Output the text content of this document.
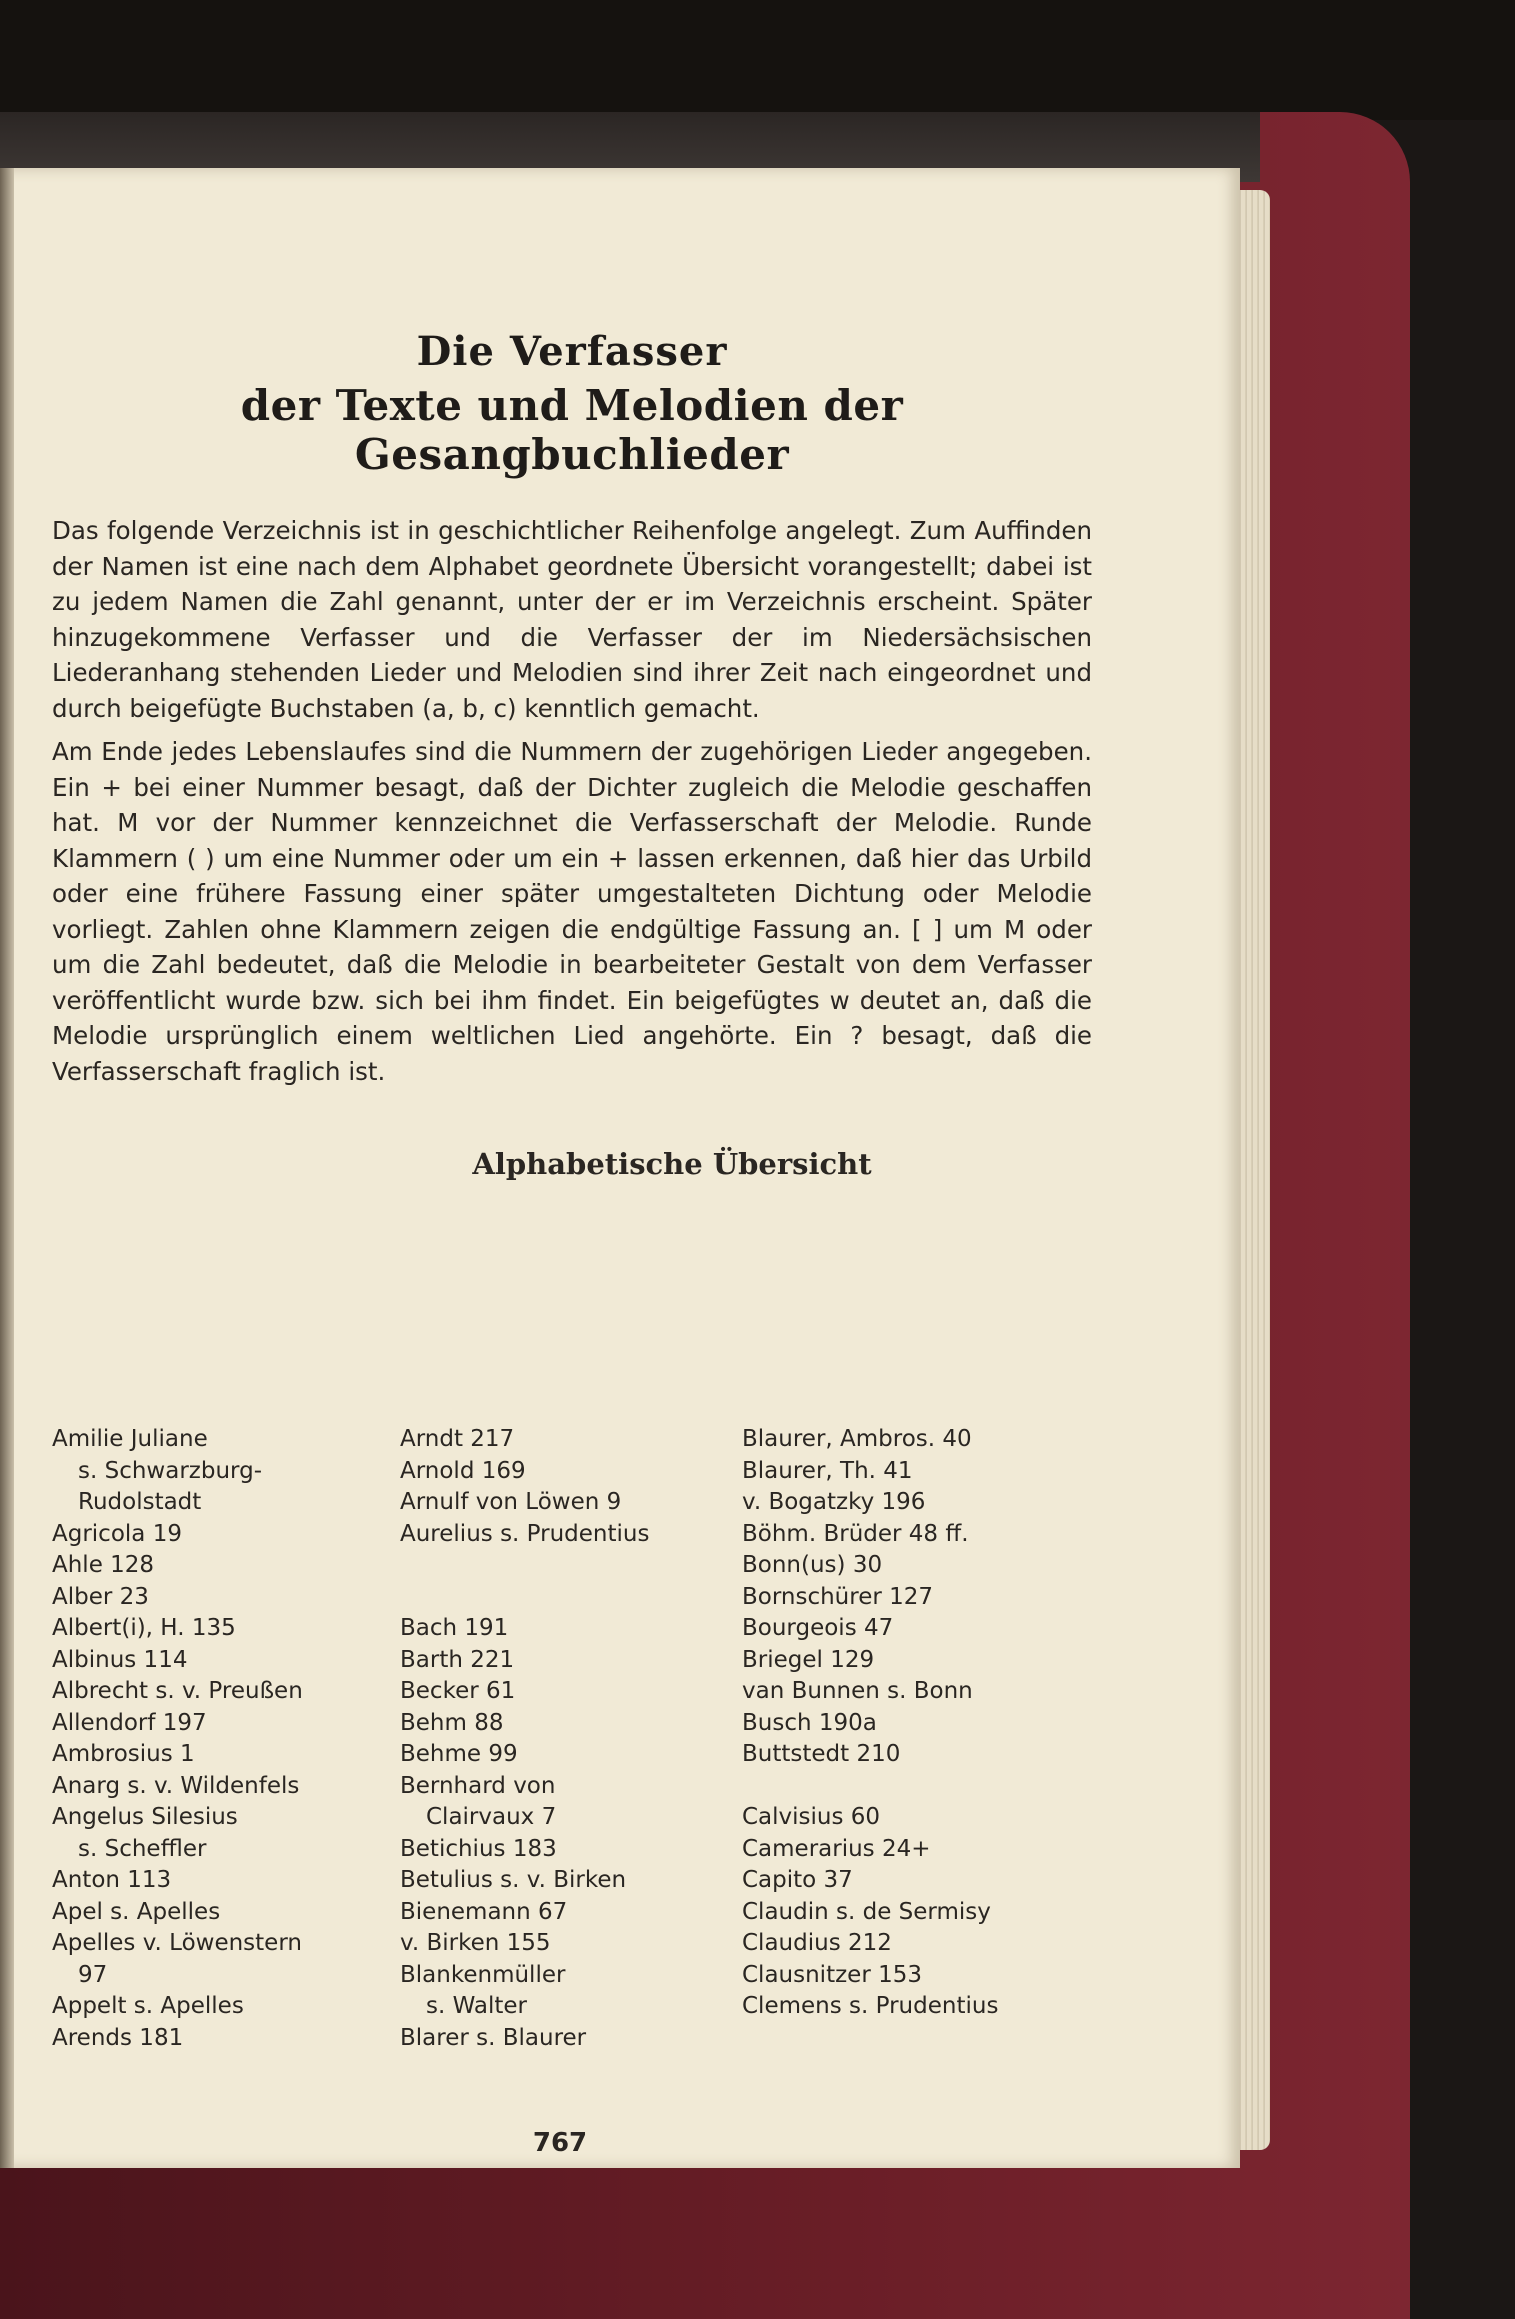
Die Verfasser
der Texte und Melodien der Gesangbuchlieder

Das folgende Verzeichnis ist in geschichtlicher Reihenfolge angelegt. Zum Auffinden der Namen ist eine nach dem Alphabet geordnete Übersicht vorangestellt; dabei ist zu jedem Namen die Zahl genannt, unter der er im Verzeichnis erscheint. Später hinzugekommene Verfasser und die Verfasser der im Niedersächsischen Liederanhang stehenden Lieder und Melodien sind ihrer Zeit nach eingeordnet und durch beigefügte Buchstaben (a, b, c) kenntlich gemacht.

Am Ende jedes Lebenslaufes sind die Nummern der zugehörigen Lieder angegeben. Ein + bei einer Nummer besagt, daß der Dichter zugleich die Melodie geschaffen hat. M vor der Nummer kennzeichnet die Verfasserschaft der Melodie. Runde Klammern ( ) um eine Nummer oder um ein + lassen erkennen, daß hier das Urbild oder eine frühere Fassung einer später umgestalteten Dichtung oder Melodie vorliegt. Zahlen ohne Klammern zeigen die endgültige Fassung an. [ ] um M oder um die Zahl bedeutet, daß die Melodie in bearbeiteter Gestalt von dem Verfasser veröffentlicht wurde bzw. sich bei ihm findet. Ein beigefügtes w deutet an, daß die Melodie ursprünglich einem weltlichen Lied angehörte. Ein ? besagt, daß die Verfasserschaft fraglich ist.

Alphabetische Übersicht
Amilie Juliane
s. Schwarzburg-
Rudolstadt
Agricola 19
Ahle 128
Alber 23
Albert(i), H. 135
Albinus 114
Albrecht s. v. Preußen
Allendorf 197
Ambrosius 1
Anarg s. v. Wildenfels
Angelus Silesius
s. Scheffler
Anton 113
Apel s. Apelles
Apelles v. Löwenstern
97
Appelt s. Apelles
Arends 181
Arndt 217
Arnold 169
Arnulf von Löwen 9
Aurelius s. Prudentius
Bach 191
Barth 221
Becker 61
Behm 88
Behme 99
Bernhard von
Clairvaux 7
Betichius 183
Betulius s. v. Birken
Bienemann 67
v. Birken 155
Blankenmüller
s. Walter
Blarer s. Blaurer
Blaurer, Ambros. 40
Blaurer, Th. 41
v. Bogatzky 196
Böhm. Brüder 48 ff.
Bonn(us) 30
Bornschürer 127
Bourgeois 47
Briegel 129
van Bunnen s. Bonn
Busch 190a
Buttstedt 210
Calvisius 60
Camerarius 24+
Capito 37
Claudin s. de Sermisy
Claudius 212
Clausnitzer 153
Clemens s. Prudentius
767
